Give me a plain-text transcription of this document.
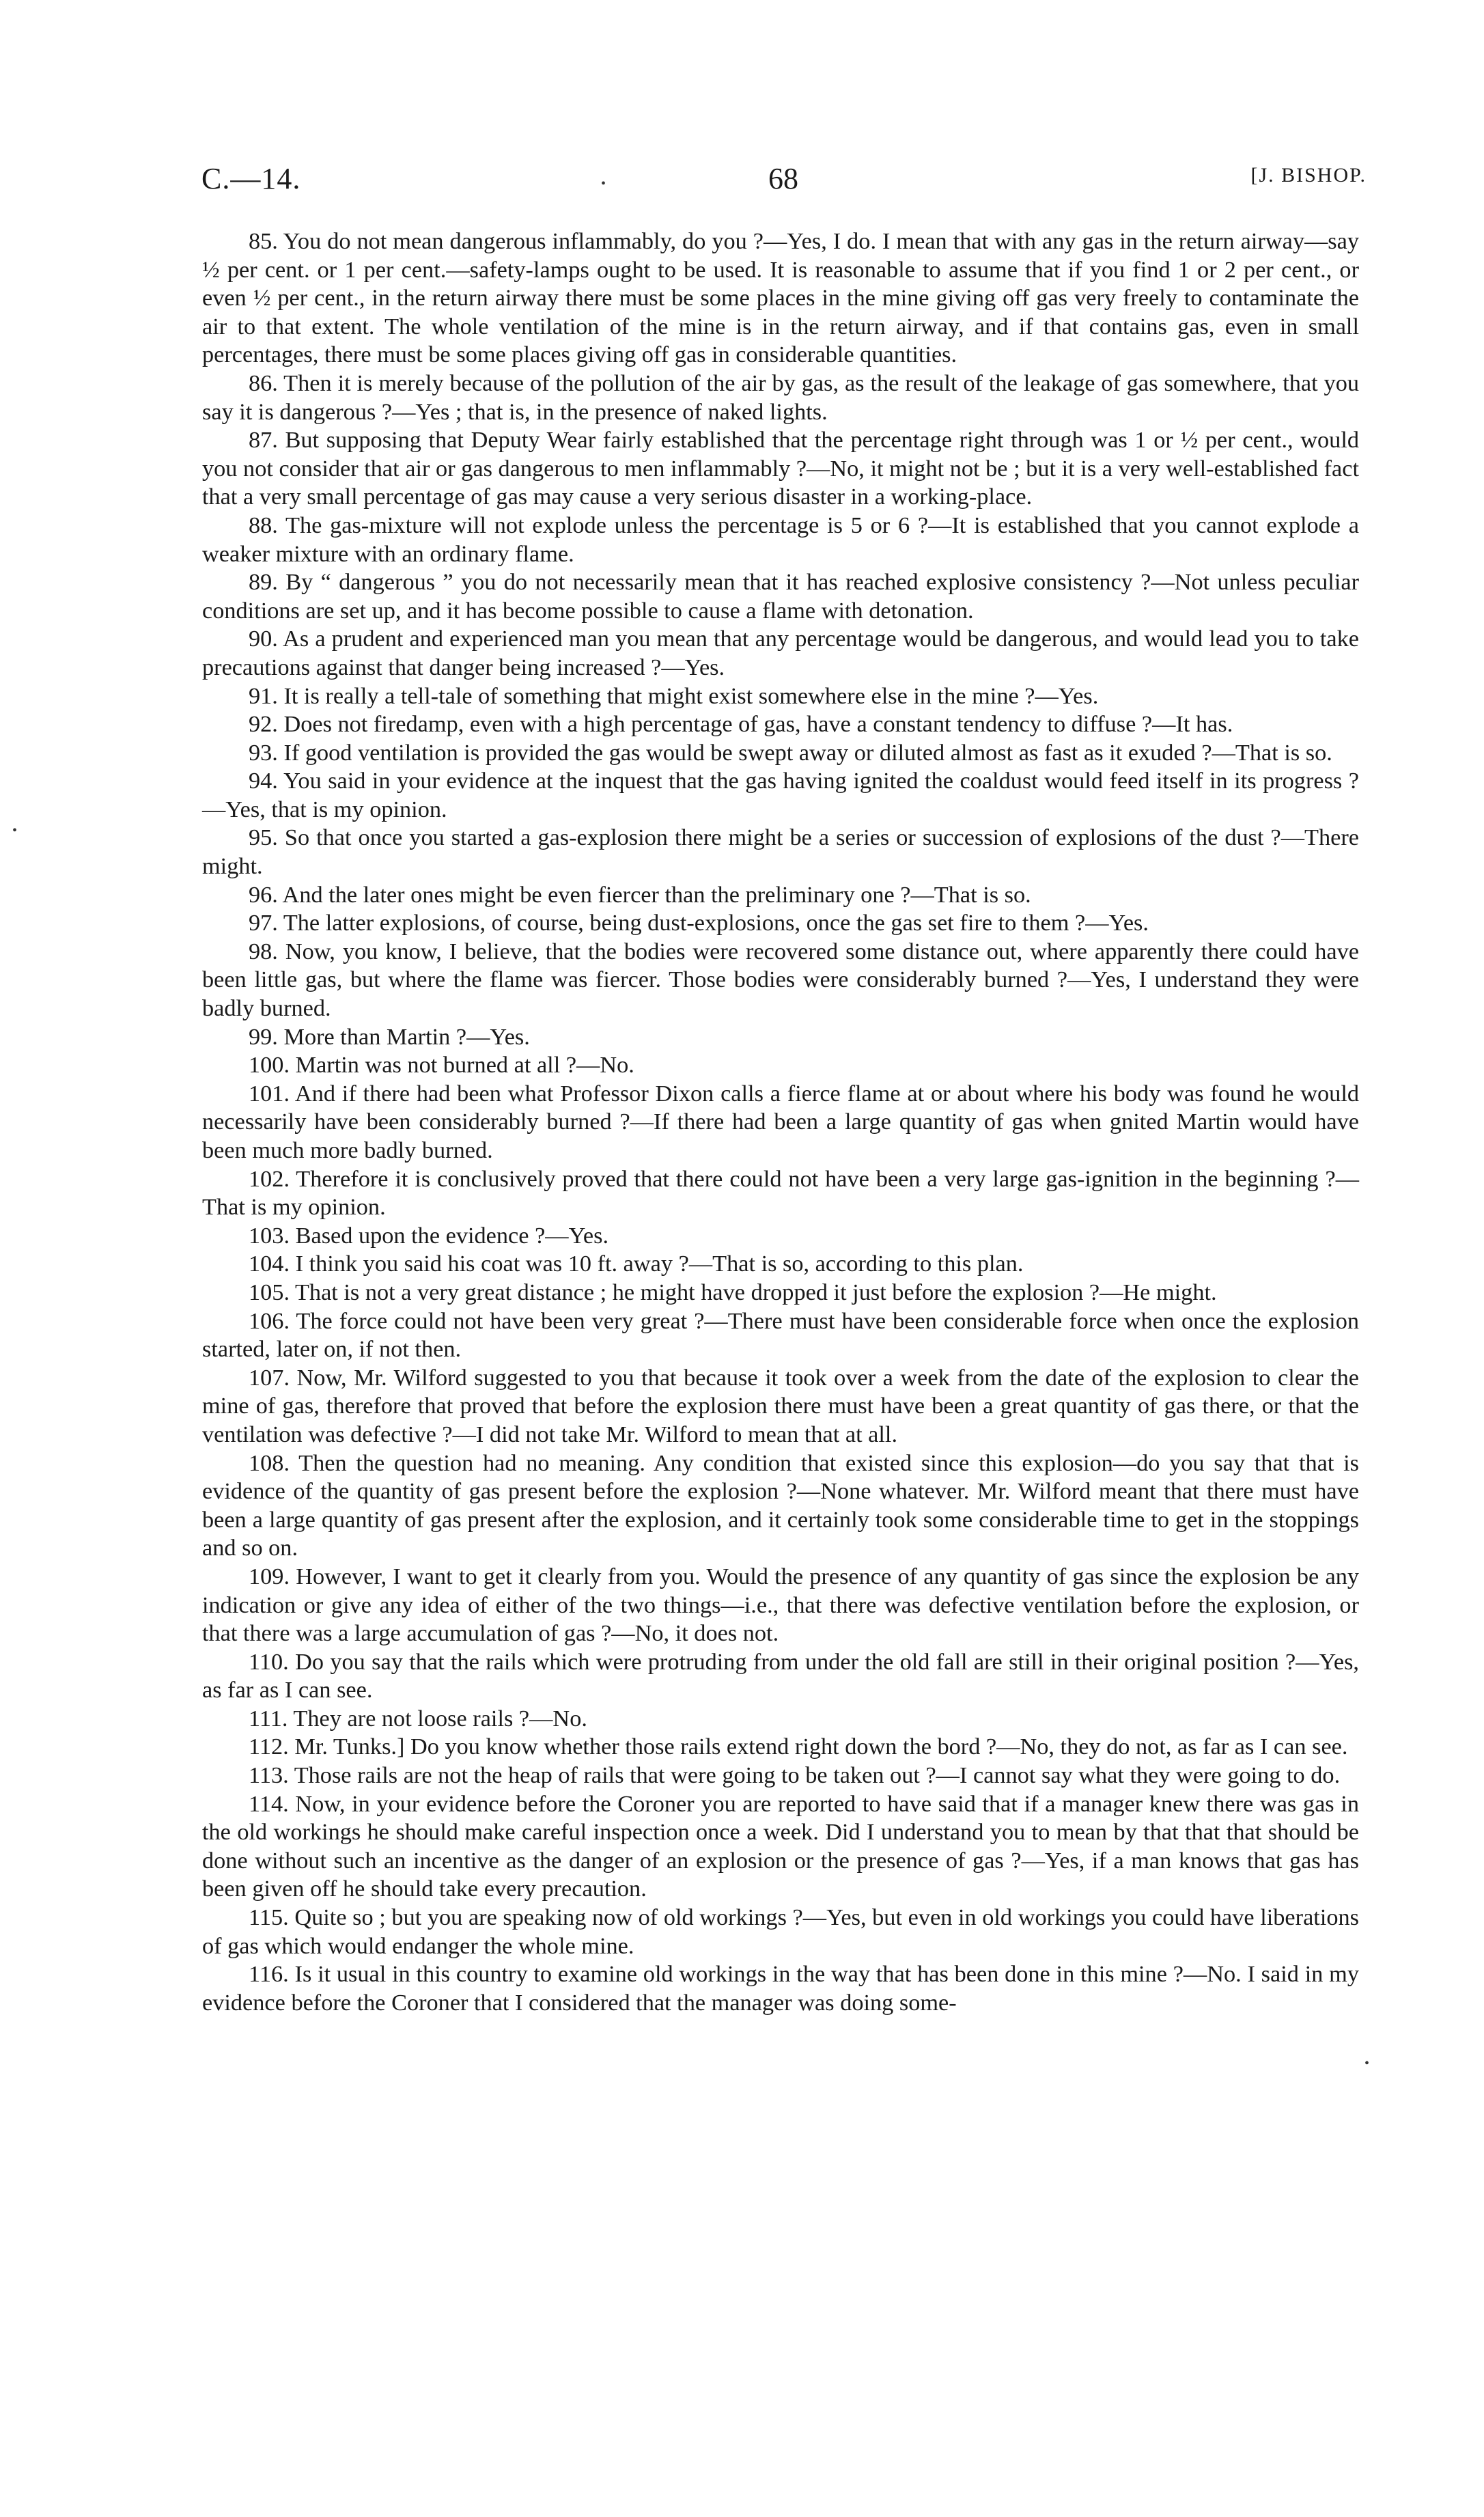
C.—14.	68	[J. BISHOP.
•
•
•

85. You do not mean dangerous inflammably, do you ?—Yes, I do. I mean that with any gas in the return airway—say ½ per cent. or 1 per cent.—safety-lamps ought to be used. It is reasonable to assume that if you find 1 or 2 per cent., or even ½ per cent., in the return airway there must be some places in the mine giving off gas very freely to contaminate the air to that extent. The whole ventilation of the mine is in the return airway, and if that contains gas, even in small percentages, there must be some places giving off gas in considerable quantities.

86. Then it is merely because of the pollution of the air by gas, as the result of the leakage of gas somewhere, that you say it is dangerous ?—Yes ; that is, in the presence of naked lights.

87. But supposing that Deputy Wear fairly established that the percentage right through was 1 or ½ per cent., would you not consider that air or gas dangerous to men inflammably ?—No, it might not be ; but it is a very well-established fact that a very small percentage of gas may cause a very serious disaster in a working-place.

88. The gas-mixture will not explode unless the percentage is 5 or 6 ?—It is established that you cannot explode a weaker mixture with an ordinary flame.

89. By “ dangerous ” you do not necessarily mean that it has reached explosive consistency ?—Not unless peculiar conditions are set up, and it has become possible to cause a flame with detonation.

90. As a prudent and experienced man you mean that any percentage would be dangerous, and would lead you to take precautions against that danger being increased ?—Yes.

91. It is really a tell-tale of something that might exist somewhere else in the mine ?—Yes.

92. Does not firedamp, even with a high percentage of gas, have a constant tendency to diffuse ?—It has.

93. If good ventilation is provided the gas would be swept away or diluted almost as fast as it exuded ?—That is so.

94. You said in your evidence at the inquest that the gas having ignited the coaldust would feed itself in its progress ?—Yes, that is my opinion.

95. So that once you started a gas-explosion there might be a series or succession of explosions of the dust ?—There might.

96. And the later ones might be even fiercer than the preliminary one ?—That is so.

97. The latter explosions, of course, being dust-explosions, once the gas set fire to them ?—Yes.

98. Now, you know, I believe, that the bodies were recovered some distance out, where apparently there could have been little gas, but where the flame was fiercer. Those bodies were considerably burned ?—Yes, I understand they were badly burned.

99. More than Martin ?—Yes.

100. Martin was not burned at all ?—No.

101. And if there had been what Professor Dixon calls a fierce flame at or about where his body was found he would necessarily have been considerably burned ?—If there had been a large quantity of gas when gnited Martin would have been much more badly burned.

102. Therefore it is conclusively proved that there could not have been a very large gas-ignition in the beginning ?—That is my opinion.

103. Based upon the evidence ?—Yes.

104. I think you said his coat was 10 ft. away ?—That is so, according to this plan.

105. That is not a very great distance ; he might have dropped it just before the explosion ?—He might.

106. The force could not have been very great ?—There must have been considerable force when once the explosion started, later on, if not then.

107. Now, Mr. Wilford suggested to you that because it took over a week from the date of the explosion to clear the mine of gas, therefore that proved that before the explosion there must have been a great quantity of gas there, or that the ventilation was defective ?—I did not take Mr. Wilford to mean that at all.

108. Then the question had no meaning. Any condition that existed since this explosion—do you say that that is evidence of the quantity of gas present before the explosion ?—None whatever. Mr. Wilford meant that there must have been a large quantity of gas present after the explosion, and it certainly took some considerable time to get in the stoppings and so on.

109. However, I want to get it clearly from you. Would the presence of any quantity of gas since the explosion be any indication or give any idea of either of the two things—i.e., that there was defective ventilation before the explosion, or that there was a large accumulation of gas ?—No, it does not.

110. Do you say that the rails which were protruding from under the old fall are still in their original position ?—Yes, as far as I can see.

111. They are not loose rails ?—No.

112. Mr. Tunks.] Do you know whether those rails extend right down the bord ?—No, they do not, as far as I can see.

113. Those rails are not the heap of rails that were going to be taken out ?—I cannot say what they were going to do.

114. Now, in your evidence before the Coroner you are reported to have said that if a manager knew there was gas in the old workings he should make careful inspection once a week. Did I understand you to mean by that that that should be done without such an incentive as the danger of an explosion or the presence of gas ?—Yes, if a man knows that gas has been given off he should take every precaution.

115. Quite so ; but you are speaking now of old workings ?—Yes, but even in old workings you could have liberations of gas which would endanger the whole mine.

116. Is it usual in this country to examine old workings in the way that has been done in this mine ?—No. I said in my evidence before the Coroner that I considered that the manager was doing some-
